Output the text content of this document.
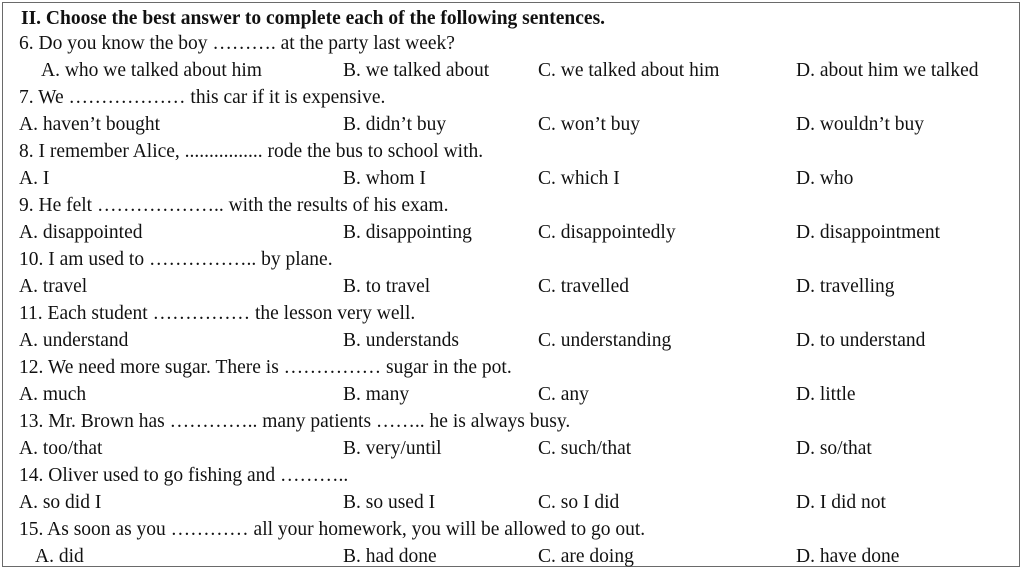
II. Choose the best answer to complete each of the following sentences.
6. Do you know the boy ………. at the party last week?
A. who we talked about him	B. we talked about	C. we talked about him	D. about him we talked
7. We ……………… this car if it is expensive.
A. haven’t bought	B. didn’t buy	C. won’t buy	D. wouldn’t buy
8. I remember Alice, ................ rode the bus to school with.
A. I	B. whom I	C. which I	D. who
9. He felt ……………….. with the results of his exam.
A. disappointed	B. disappointing	C. disappointedly	D. disappointment
10. I am used to …………….. by plane.
A. travel	B. to travel	C. travelled	D. travelling
11. Each student …………… the lesson very well.
A. understand	B. understands	C. understanding	D. to understand
12. We need more sugar. There is …………… sugar in the pot.
A. much	B. many	C. any	D. little
13. Mr. Brown has ………….. many patients …….. he is always busy.
A. too/that	B. very/until	C. such/that	D. so/that
14. Oliver used to go fishing and ………..
A. so did I	B. so used I	C. so I did	D. I did not
15. As soon as you ………… all your homework, you will be allowed to go out.
A. did	B. had done	C. are doing	D. have done
